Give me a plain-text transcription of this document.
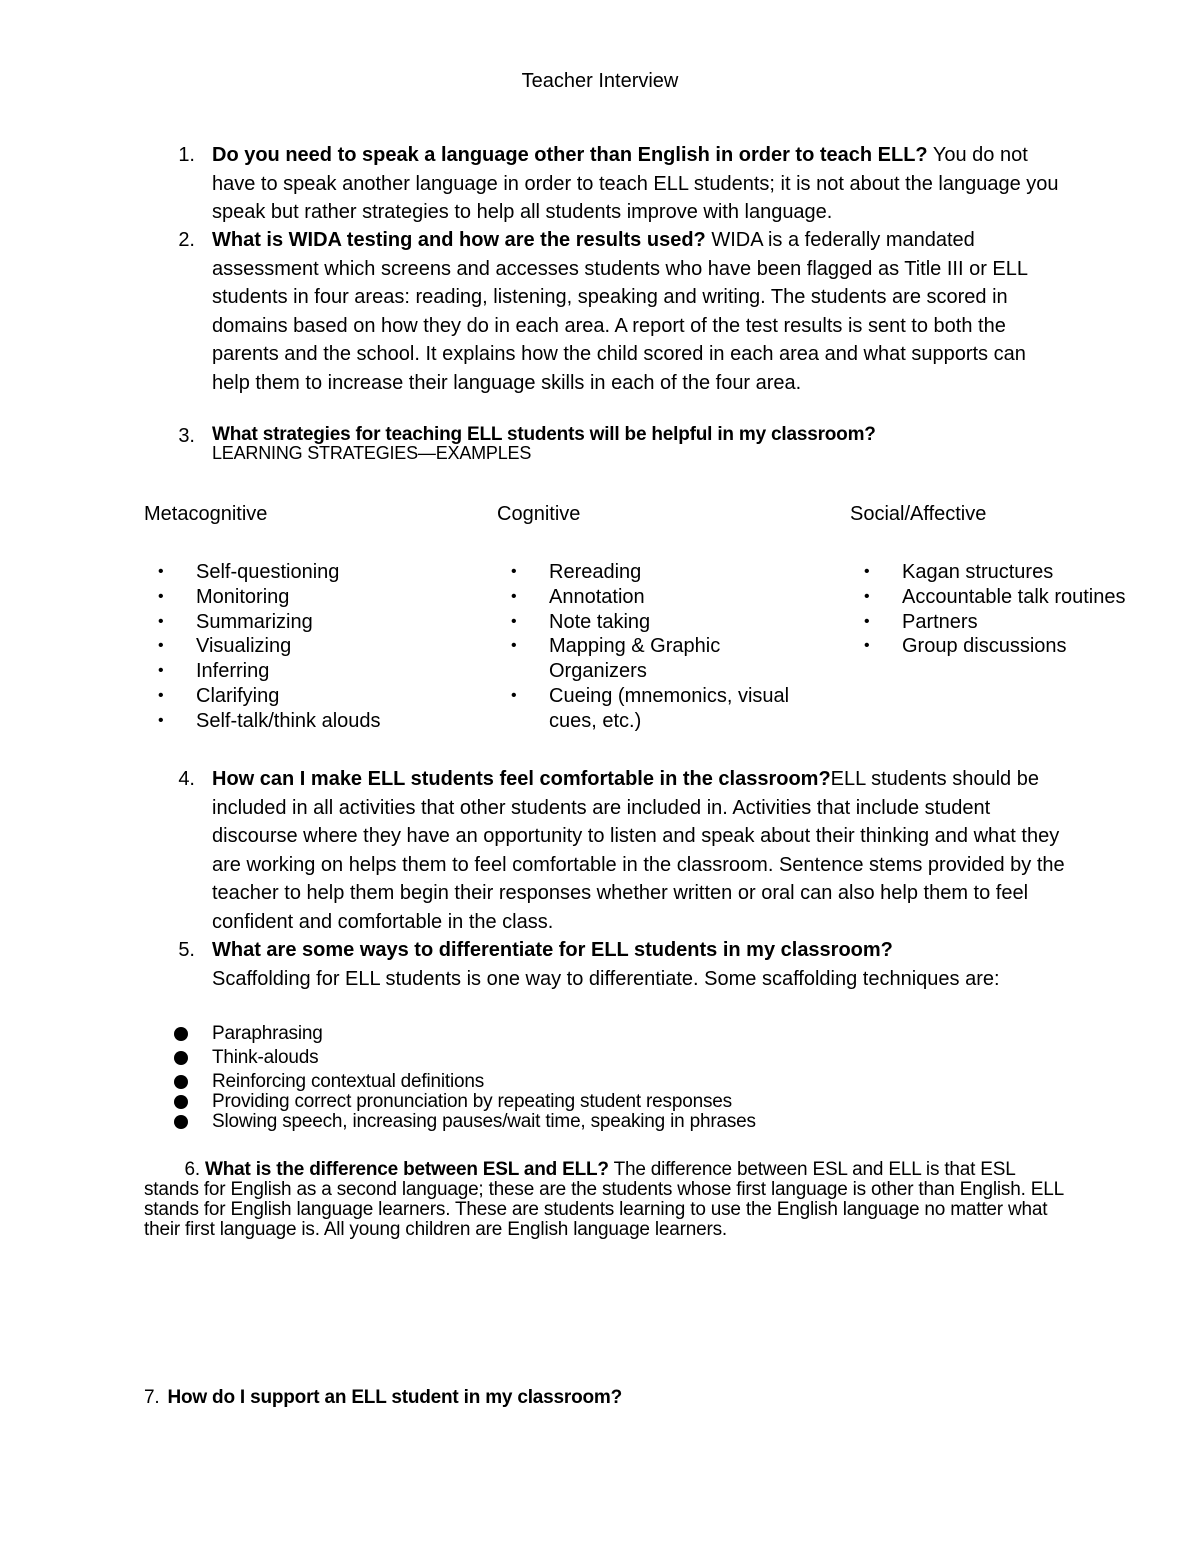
Teacher Interview
1. Do you need to speak a language other than English in order to teach ELL? You do not have to speak another language in order to teach ELL students; it is not about the language you speak but rather strategies to help all students improve with language.
2. What is WIDA testing and how are the results used? WIDA is a federally mandated assessment which screens and accesses students who have been flagged as Title III or ELL students in four areas: reading, listening, speaking and writing. The students are scored in domains based on how they do in each area. A report of the test results is sent to both the parents and the school. It explains how the child scored in each area and what supports can help them to increase their language skills in each of the four area.
3. What strategies for teaching ELL students will be helpful in my classroom?
LEARNING STRATEGIES—EXAMPLES
Metacognitive	Cognitive	Social/Affective
• Self-questioning
• Monitoring
• Summarizing
• Visualizing
• Inferring
• Clarifying
• Self-talk/think alouds
• Rereading
• Annotation
• Note taking
• Mapping & Graphic Organizers
• Cueing (mnemonics, visual cues, etc.)
• Kagan structures
• Accountable talk routines
• Partners
• Group discussions
4. How can I make ELL students feel comfortable in the classroom?ELL students should be included in all activities that other students are included in. Activities that include student discourse where they have an opportunity to listen and speak about their thinking and what they are working on helps them to feel comfortable in the classroom. Sentence stems provided by the teacher to help them begin their responses whether written or oral can also help them to feel confident and comfortable in the class.
5. What are some ways to differentiate for ELL students in my classroom?
Scaffolding for ELL students is one way to differentiate. Some scaffolding techniques are:
Paraphrasing
Think-alouds
Reinforcing contextual definitions
Providing correct pronunciation by repeating student responses
Slowing speech, increasing pauses/wait time, speaking in phrases
6. What is the difference between ESL and ELL? The difference between ESL and ELL is that ESL stands for English as a second language; these are the students whose first language is other than English. ELL stands for English language learners. These are students learning to use the English language no matter what their first language is. All young children are English language learners.
7. How do I support an ELL student in my classroom?
